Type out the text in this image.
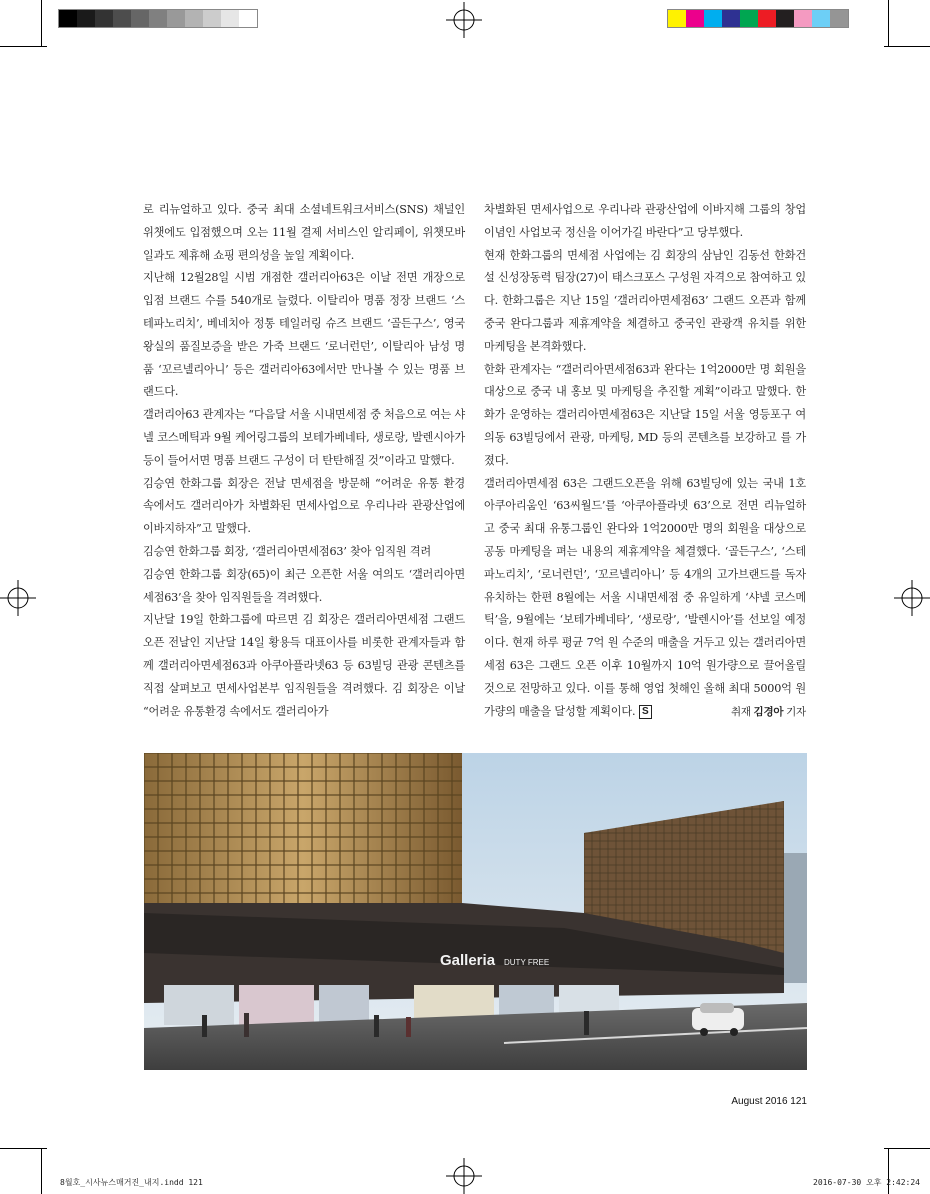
로 리뉴얼하고 있다. 중국 최대 소셜네트워크서비스(SNS) 채널인 위챗에도 입점했으며 오는 11월 결제 서비스인 알리페이, 위챗모바일과도 제휴해 쇼핑 편의성을 높일 계획이다.

지난해 12월28일 시범 개점한 갤러리아63은 이날 전면 개장으로 입점 브랜드 수를 540개로 늘렸다. 이탈리아 명품 정장 브랜드 ‘스테파노리치’, 베네치아 정통 테일러링 슈즈 브랜드 ‘골든구스’, 영국 왕실의 품질보증을 받은 가죽 브랜드 ‘로너런던’, 이탈리아 남성 명품 ‘꼬르넬리아니’ 등은 갤러리아63에서만 만나볼 수 있는 명품 브랜드다.

갤러리아63 관계자는 “다음달 서울 시내면세점 중 처음으로 여는 샤넬 코스메틱과 9월 케어링그룹의 보테가베네타, 생로랑, 발렌시아가 등이 들어서면 명품 브랜드 구성이 더 탄탄해질 것”이라고 말했다.

김승연 한화그룹 회장은 전날 면세점을 방문해 “어려운 유통 환경 속에서도 갤러리아가 차별화된 면세사업으로 우리나라 관광산업에 이바지하자”고 말했다.

김승연 한화그룹 회장, ‘갤러리아면세점63’ 찾아 임직원 격려

김승연 한화그룹 회장(65)이 최근 오픈한 서울 여의도 ‘갤러리아면세점63’을 찾아 임직원들을 격려했다.

지난달 19일 한화그룹에 따르면 김 회장은 갤러리아면세점 그랜드 오픈 전날인 지난달 14일 황용득 대표이사를 비롯한 관계자들과 함께 갤러리아면세점63과 아쿠아플라넷63 등 63빌딩 관광 콘텐츠를 직접 살펴보고 면세사업본부 임직원들을 격려했다. 김 회장은 이날 “어려운 유통환경 속에서도 갤러리아가

차별화된 면세사업으로 우리나라 관광산업에 이바지해 그룹의 창업이념인 사업보국 정신을 이어가길 바란다”고 당부했다.

현재 한화그룹의 면세점 사업에는 김 회장의 삼남인 김동선 한화건설 신성장동력 팀장(27)이 태스크포스 구성원 자격으로 참여하고 있다. 한화그룹은 지난 15일 ‘갤러리아면세점63’ 그랜드 오픈과 함께 중국 완다그룹과 제휴계약을 체결하고 중국인 관광객 유치를 위한 마케팅을 본격화했다.

한화 관계자는 “갤러리아면세점63과 완다는 1억2000만 명 회원을 대상으로 중국 내 홍보 및 마케팅을 추진할 계획”이라고 말했다. 한화가 운영하는 갤러리아면세점63은 지난달 15일 서울 영등포구 여의동 63빌딩에서 관광, 마케팅, MD 등의 콘텐츠를 보강하고 를 가졌다.

갤러리아면세점 63은 그랜드오픈을 위해 63빌딩에 있는 국내 1호 아쿠아리움인 ‘63씨월드’를 ‘아쿠아플라넷 63’으로 전면 리뉴얼하고 중국 최대 유통그룹인 완다와 1억2000만 명의 회원을 대상으로 공동 마케팅을 펴는 내용의 제휴계약을 체결했다. ‘골든구스’, ‘스테파노리치’, ‘로너런던’, ‘꼬르넬리아니’ 등 4개의 고가브랜드를 독자 유치하는 한편 8월에는 서울 시내면세점 중 유일하게 ‘샤넬 코스메틱’을, 9월에는 ‘보테가베네타’, ‘생로랑’, ‘발렌시아’를 선보일 예정이다. 현재 하루 평균 7억 원 수준의 매출을 거두고 있는 갤러리아면세점 63은 그랜드 오픈 이후 10월까지 10억 원가량으로 끌어올릴 것으로 전망하고 있다. 이를 통해 영업 첫해인 올해 최대 5000억 원 가량의 매출을 달성할 계획이다. S	취재 김경아 기자

Galleria DUTY FREE
August 2016 121
8월호_시사뉴스매거진_내지.indd 121	2016-07-30 오후 2:42:24
